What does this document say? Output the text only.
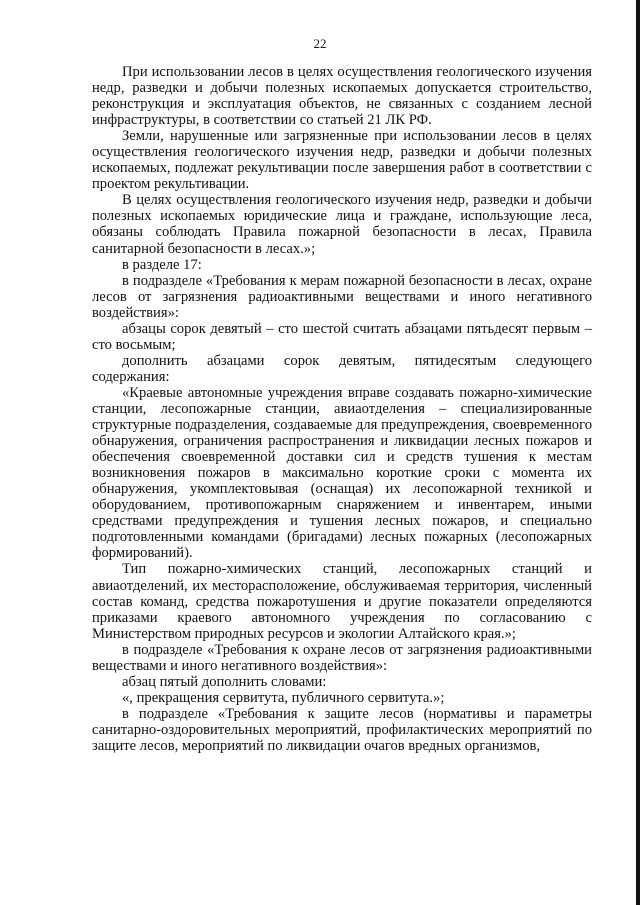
22

При использовании лесов в целях осуществления геологического изучения недр, разведки и добычи полезных ископаемых допускается строительство, реконструкция и эксплуатация объектов, не связанных с созданием лесной инфраструктуры, в соответствии со статьей 21 ЛК РФ.

Земли, нарушенные или загрязненные при использовании лесов в целях осуществления геологического изучения недр, разведки и добычи полезных ископаемых, подлежат рекультивации после завершения работ в соответствии с проектом рекультивации.

В целях осуществления геологического изучения недр, разведки и добычи полезных ископаемых юридические лица и граждане, использующие леса, обязаны соблюдать Правила пожарной безопасности в лесах, Правила санитарной безопасности в лесах.»;

в разделе 17:

в подразделе «Требования к мерам пожарной безопасности в лесах, охране лесов от загрязнения радиоактивными веществами и иного негативного воздействия»:

абзацы сорок девятый – сто шестой считать абзацами пятьдесят первым – сто восьмым;

дополнить абзацами сорок девятым, пятидесятым следующего содержания:

«Краевые автономные учреждения вправе создавать пожарно-химические станции, лесопожарные станции, авиаотделения – специализированные структурные подразделения, создаваемые для предупреждения, своевременного обнаружения, ограничения распространения и ликвидации лесных пожаров и обеспечения своевременной доставки сил и средств тушения к местам возникновения пожаров в максимально короткие сроки с момента их обнаружения, укомплектовывая (оснащая) их лесопожарной техникой и оборудованием, противопожарным снаряжением и инвентарем, иными средствами предупреждения и тушения лесных пожаров, и специально подготовленными командами (бригадами) лесных пожарных (лесопожарных формирований).

Тип пожарно-химических станций, лесопожарных станций и авиаотделений, их месторасположение, обслуживаемая территория, численный состав команд, средства пожаротушения и другие показатели определяются приказами краевого автономного учреждения по согласованию с Министерством природных ресурсов и экологии Алтайского края.»;

в подразделе «Требования к охране лесов от загрязнения радиоактивными веществами и иного негативного воздействия»:

абзац пятый дополнить словами:

«, прекращения сервитута, публичного сервитута.»;

в подразделе «Требования к защите лесов (нормативы и параметры санитарно-оздоровительных мероприятий, профилактических мероприятий по защите лесов, мероприятий по ликвидации очагов вредных организмов,
